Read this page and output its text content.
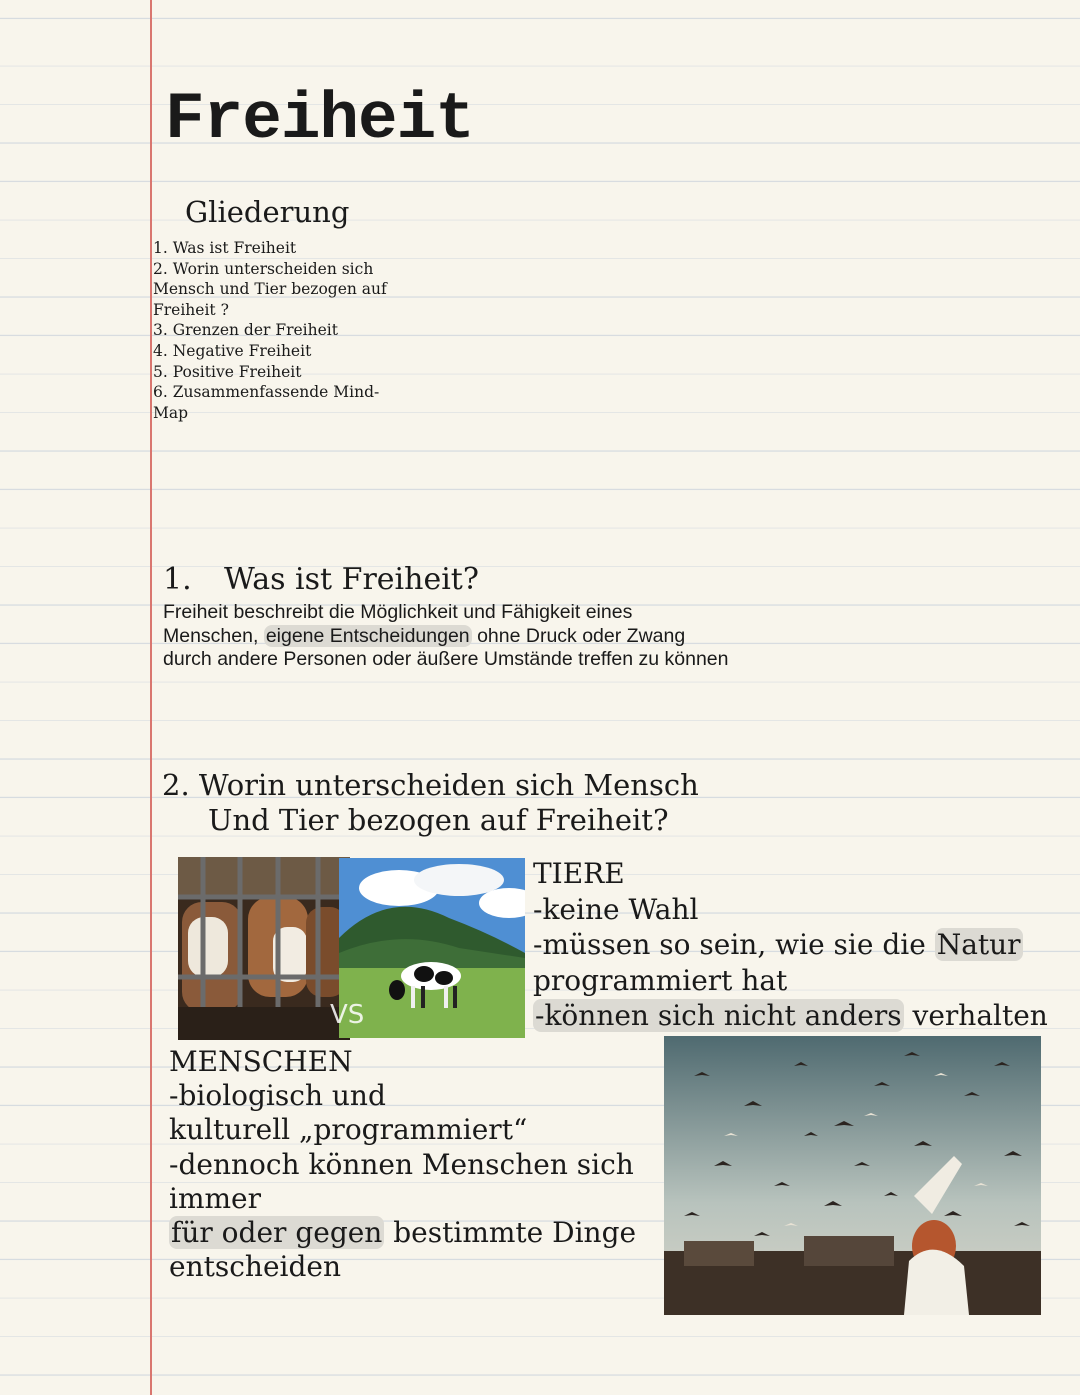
Freiheit
Gliederung
1. Was ist Freiheit
2. Worin unterscheiden sich Mensch und Tier bezogen auf Freiheit ?
3. Grenzen der Freiheit
4. Negative Freiheit
5. Positive Freiheit
6. Zusammenfassende Mind-Map
1. Was ist Freiheit?
Freiheit beschreibt die Möglichkeit und Fähigkeit eines Menschen, eigene Entscheidungen ohne Druck oder Zwang durch andere Personen oder äußere Umstände treffen zu können
2. Worin unterscheiden sich Mensch
Und Tier bezogen auf Freiheit?
VS
TIERE
-keine Wahl
-müssen so sein, wie sie die Natur
programmiert hat
-können sich nicht anders verhalten
MENSCHEN
-biologisch und
kulturell „programmiert“
-dennoch können Menschen sich
immer
für oder gegen bestimmte Dinge
entscheiden
